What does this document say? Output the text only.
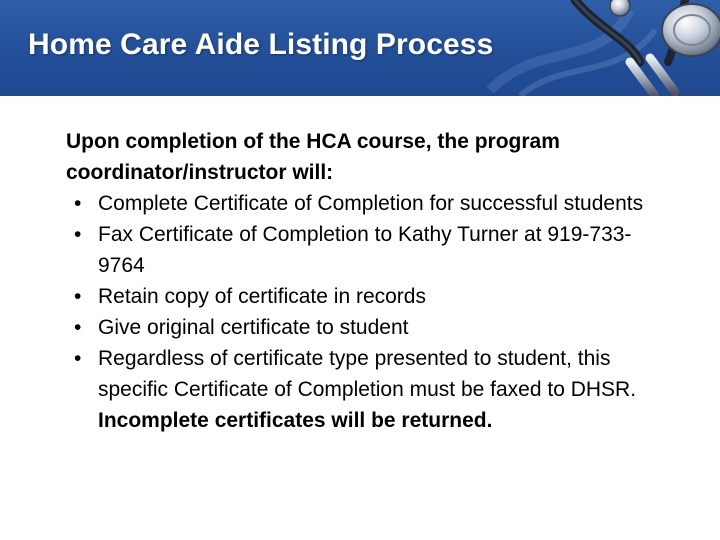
Home Care Aide Listing Process
Upon completion of the HCA course, the program coordinator/instructor will:
• Complete Certificate of Completion for successful students
• Fax Certificate of Completion to Kathy Turner at 919-733-9764
• Retain copy of certificate in records
• Give original certificate to student
• Regardless of certificate type presented to student, this specific Certificate of Completion must be faxed to DHSR. Incomplete certificates will be returned.
